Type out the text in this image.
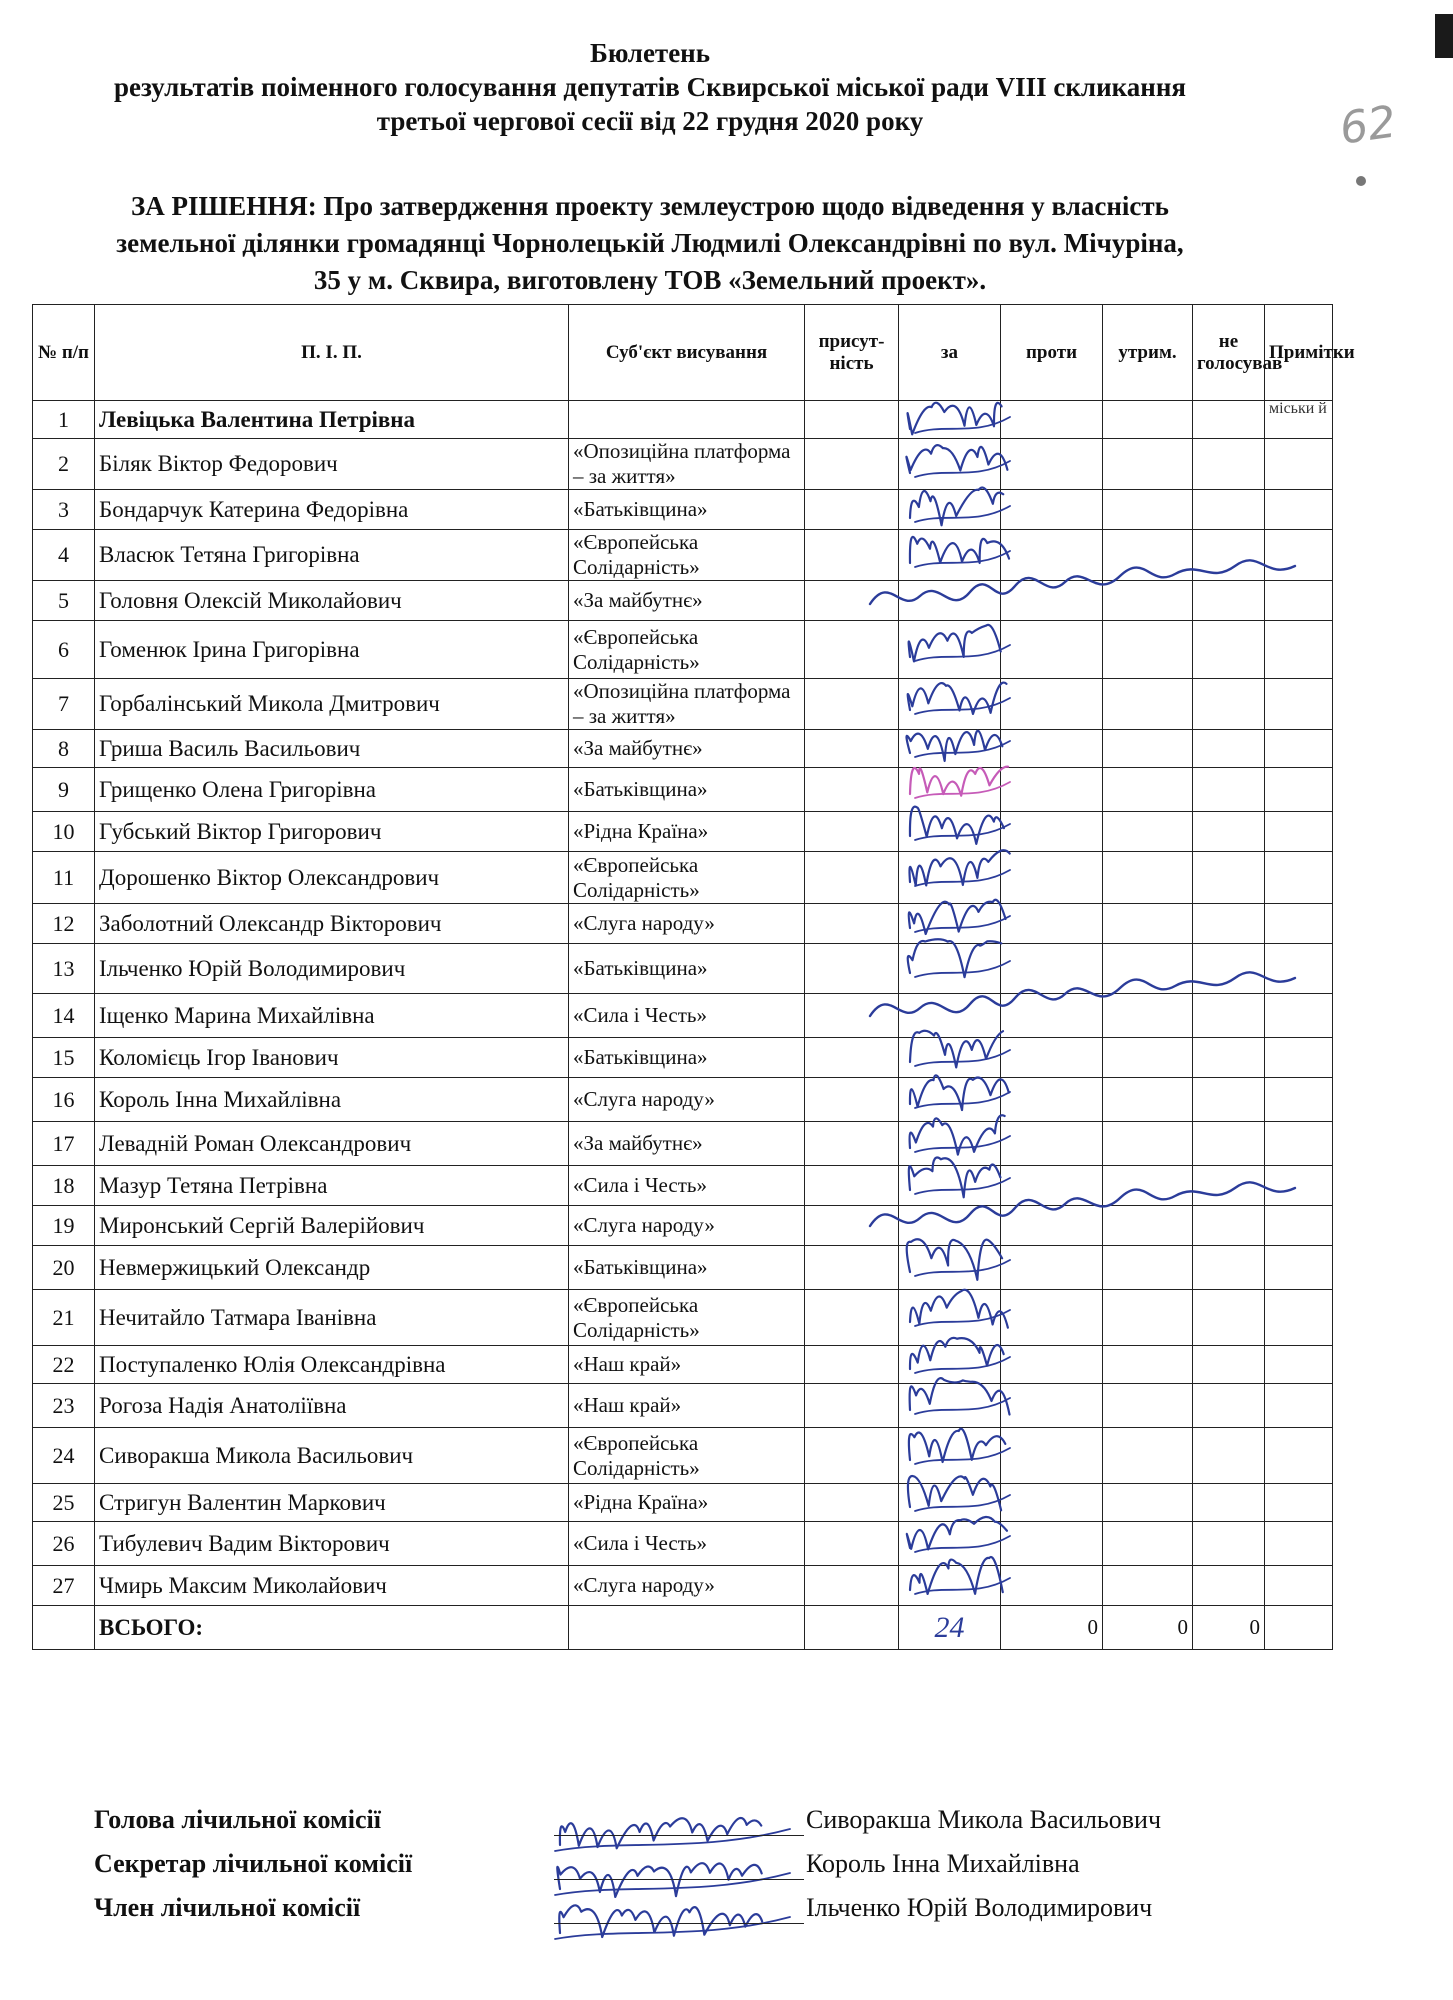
62
Бюлетень
результатів поіменного голосування депутатів Сквирської міської ради VIII скликання
третьої чергової сесії від 22 грудня 2020 року
ЗА РІШЕННЯ: Про затвердження проекту землеустрою щодо відведення у власність
земельної ділянки громадянці Чорнолецькій Людмилі Олександрівні по вул. Мічуріна,
35 у м. Сквира, виготовлену ТОВ «Земельний проект».
№ п/п	П. І. П.	Суб'єкт висування	присут-ність	за	проти	утрим.	не голосував	Примітки
1	Левіцька Валентина Петрівна							міськи й
2	Біляк Віктор Федорович	«Опозиційна платформа – за життя»						
3	Бондарчук Катерина Федорівна	«Батьківщина»						
4	Власюк Тетяна Григорівна	«Європейська Солідарність»						
5	Головня Олексій Миколайович	«За майбутнє»						
6	Гоменюк Ірина Григорівна	«Європейська Солідарність»						
7	Горбалінський Микола Дмитрович	«Опозиційна платформа – за життя»						
8	Гриша Василь Васильович	«За майбутнє»						
9	Грищенко Олена Григорівна	«Батьківщина»						
10	Губський Віктор Григорович	«Рідна Країна»						
11	Дорошенко Віктор Олександрович	«Європейська Солідарність»						
12	Заболотний Олександр Вікторович	«Слуга народу»						
13	Ільченко Юрій Володимирович	«Батьківщина»						
14	Іщенко Марина Михайлівна	«Сила і Честь»						
15	Коломієць Ігор Іванович	«Батьківщина»						
16	Король Інна Михайлівна	«Слуга народу»						
17	Левадній Роман Олександрович	«За майбутнє»						
18	Мазур Тетяна Петрівна	«Сила і Честь»						
19	Миронський Сергій Валерійович	«Слуга народу»						
20	Невмержицький Олександр	«Батьківщина»						
21	Нечитайло Татмара Іванівна	«Європейська Солідарність»						
22	Поступаленко Юлія Олександрівна	«Наш край»						
23	Рогоза Надія Анатоліївна	«Наш край»						
24	Сиворакша Микола Васильович	«Європейська Солідарність»						
25	Стригун Валентин Маркович	«Рідна Країна»						
26	Тибулевич Вадим Вікторович	«Сила і Честь»						
27	Чмирь Максим Миколайович	«Слуга народу»						
	ВСЬОГО:			24	0	0	0	
Голова лічильної комісії	Сиворакша Микола Васильович
Секретар лічильної комісії	Король Інна Михайлівна
Член лічильної комісії	Ільченко Юрій Володимирович
